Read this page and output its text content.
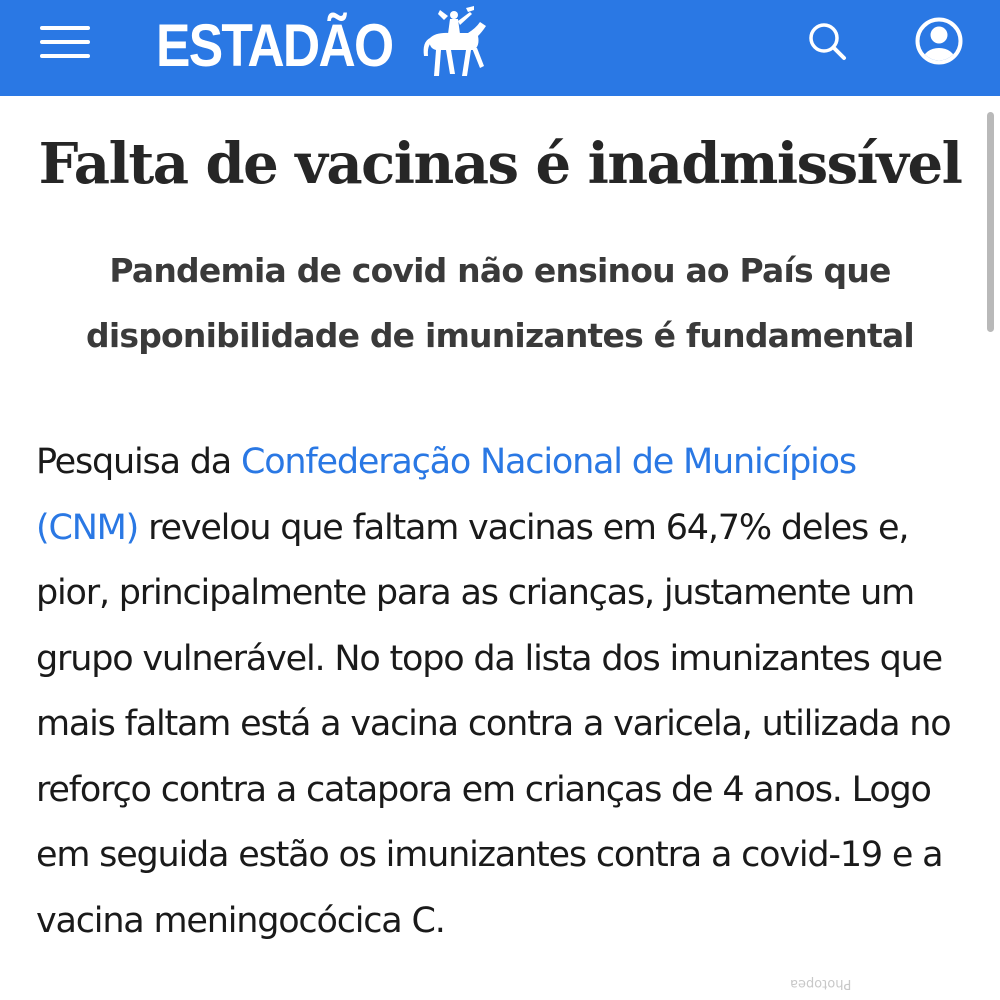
ESTADÃO
Falta de vacinas é inadmissível
Pandemia de covid não ensinou ao País que
disponibilidade de imunizantes é fundamental

Pesquisa da Confederação Nacional de Municípios (CNM) revelou que faltam vacinas em 64,7% deles e, pior, principalmente para as crianças, justamente um grupo vulnerável. No topo da lista dos imunizantes que mais faltam está a vacina contra a varicela, utilizada no reforço contra a catapora em crianças de 4 anos. Logo em seguida estão os imunizantes contra a covid-19 e a vacina meningocócica C.

Photopea
